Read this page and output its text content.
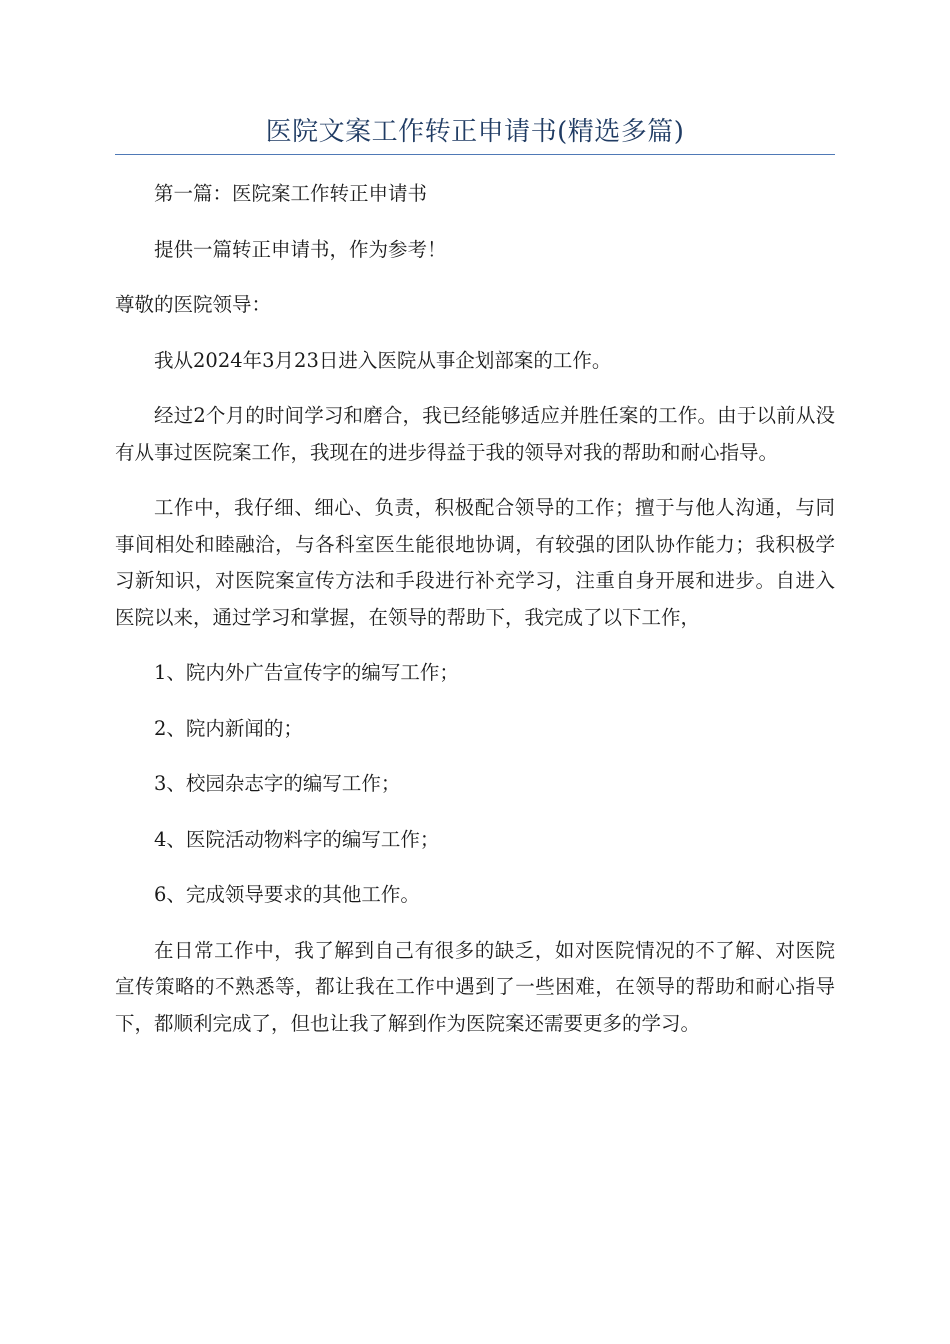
医院文案工作转正申请书(精选多篇)

第一篇：医院案工作转正申请书

提供一篇转正申请书，作为参考！

尊敬的医院领导：

我从2024年3月23日进入医院从事企划部案的工作。

经过2个月的时间学习和磨合，我已经能够适应并胜任案的工作。由于以前从没有从事过医院案工作，我现在的进步得益于我的领导对我的帮助和耐心指导。

工作中，我仔细、细心、负责，积极配合领导的工作；擅于与他人沟通，与同事间相处和睦融洽，与各科室医生能很地协调，有较强的团队协作能力；我积极学习新知识，对医院案宣传方法和手段进行补充学习，注重自身开展和进步。自进入医院以来，通过学习和掌握，在领导的帮助下，我完成了以下工作，

1、院内外广告宣传字的编写工作；

2、院内新闻的；

3、校园杂志字的编写工作；

4、医院活动物料字的编写工作；

6、完成领导要求的其他工作。

在日常工作中，我了解到自己有很多的缺乏，如对医院情况的不了解、对医院宣传策略的不熟悉等，都让我在工作中遇到了一些困难，在领导的帮助和耐心指导下，都顺利完成了，但也让我了解到作为医院案还需要更多的学习。
